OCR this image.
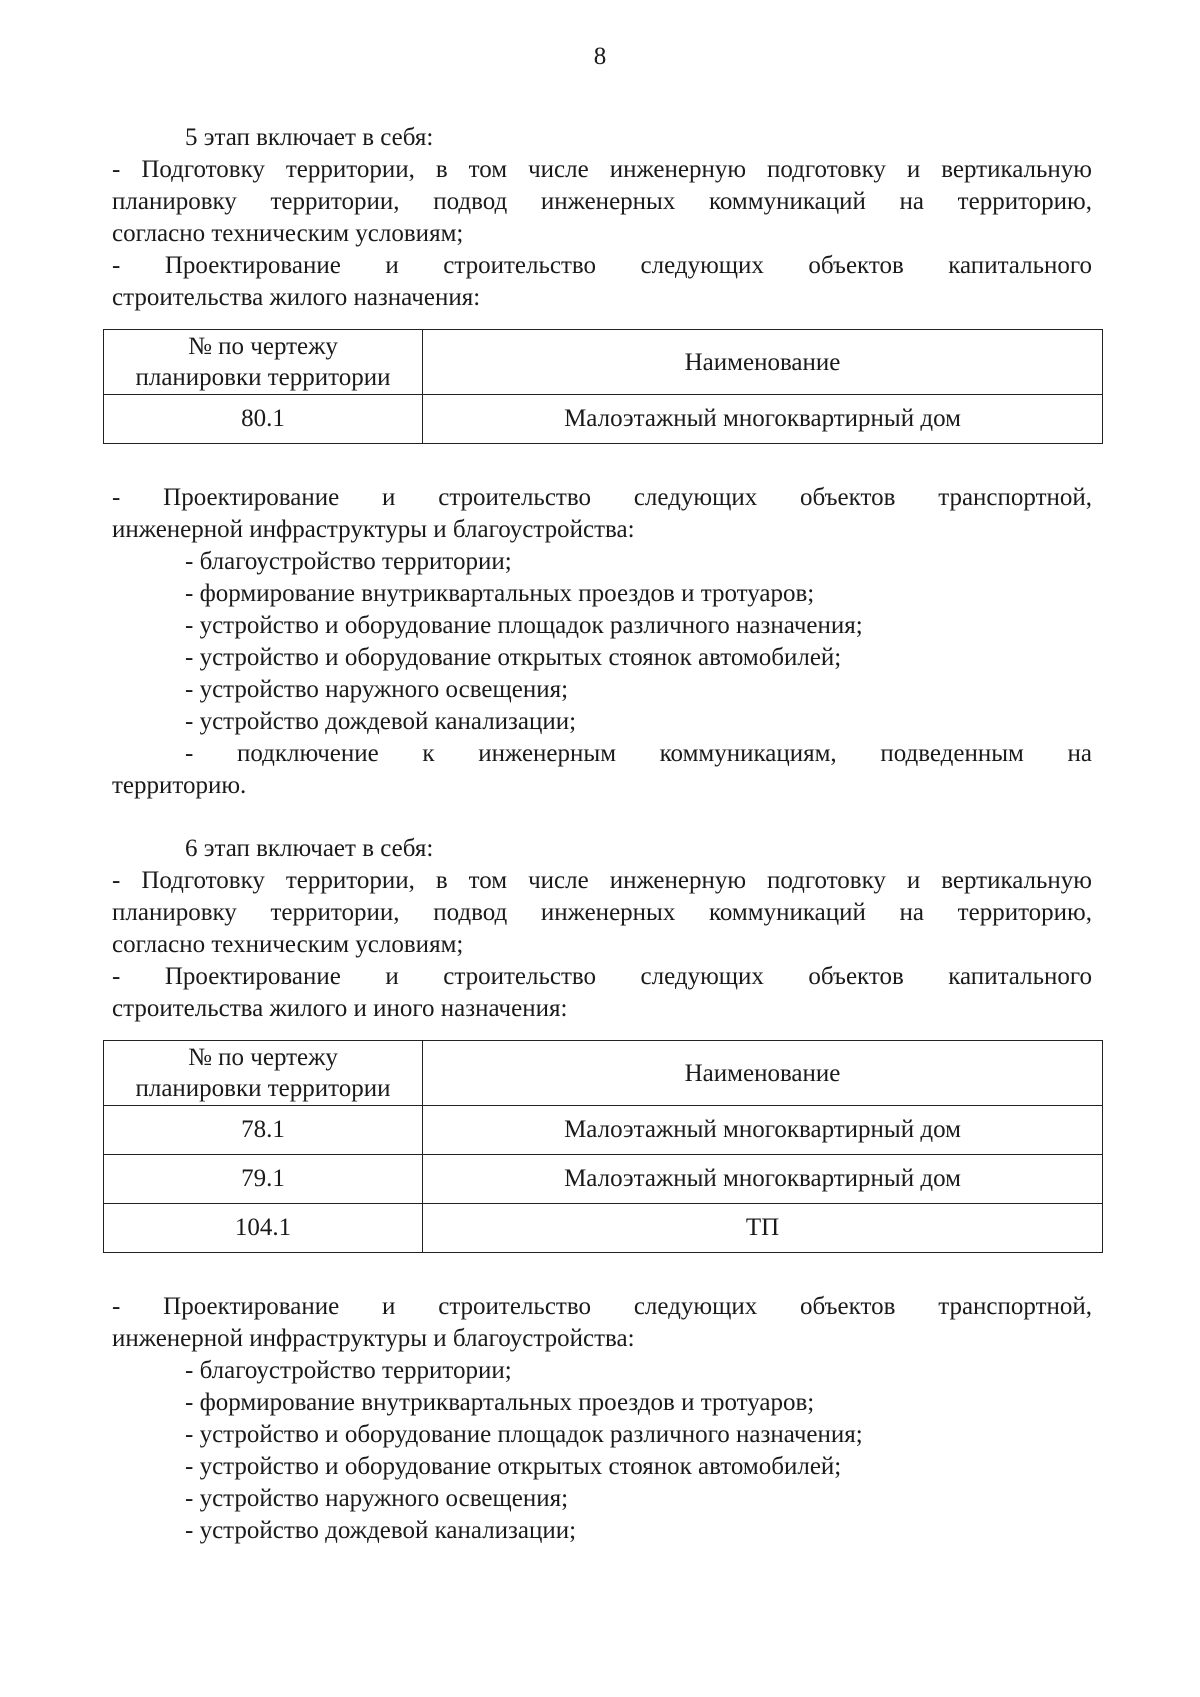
8

5 этап включает в себя:

- Подготовку территории, в том числе инженерную подготовку и вертикальную

планировку территории, подвод инженерных коммуникаций на территорию,

согласно техническим условиям;

- Проектирование и строительство следующих объектов капитального

строительства жилого назначения:

№ по чертежу
планировки территории	Наименование
80.1	Малоэтажный многоквартирный дом

- Проектирование и строительство следующих объектов транспортной,

инженерной инфраструктуры и благоустройства:

- благоустройство территории;

- формирование внутриквартальных проездов и тротуаров;

- устройство и оборудование площадок различного назначения;

- устройство и оборудование открытых стоянок автомобилей;

- устройство наружного освещения;

- устройство дождевой канализации;

- подключение к инженерным коммуникациям, подведенным на

территорию.

6 этап включает в себя:

- Подготовку территории, в том числе инженерную подготовку и вертикальную

планировку территории, подвод инженерных коммуникаций на территорию,

согласно техническим условиям;

- Проектирование и строительство следующих объектов капитального

строительства жилого и иного назначения:

№ по чертежу
планировки территории	Наименование
78.1	Малоэтажный многоквартирный дом
79.1	Малоэтажный многоквартирный дом
104.1	ТП

- Проектирование и строительство следующих объектов транспортной,

инженерной инфраструктуры и благоустройства:

- благоустройство территории;

- формирование внутриквартальных проездов и тротуаров;

- устройство и оборудование площадок различного назначения;

- устройство и оборудование открытых стоянок автомобилей;

- устройство наружного освещения;

- устройство дождевой канализации;
